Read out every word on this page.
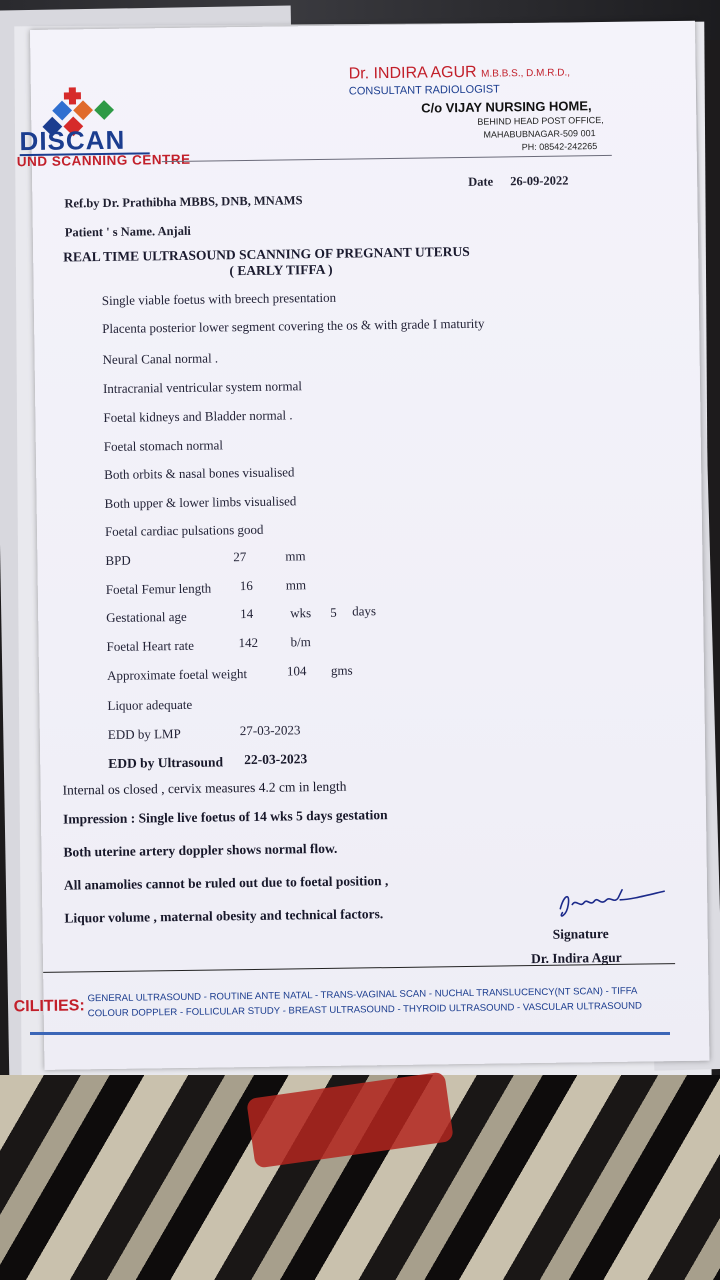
DISCAN
UND SCANNING CENTRE
Dr. INDIRA AGUR M.B.B.S., D.M.R.D.,
CONSULTANT RADIOLOGIST
C/o VIJAY NURSING HOME,
BEHIND HEAD POST OFFICE,
MAHABUBNAGAR-509 001
PH: 08542-242265
Ref.by Dr. Prathibha MBBS, DNB, MNAMS
Date 26-09-2022
Patient ' s Name. Anjali
REAL TIME ULTRASOUND SCANNING OF PREGNANT UTERUS
( EARLY TIFFA )
Single viable foetus with breech presentation
Placenta posterior lower segment covering the os & with grade I maturity
Neural Canal normal .
Intracranial ventricular system normal
Foetal kidneys and Bladder normal .
Foetal stomach normal
Both orbits & nasal bones visualised
Both upper & lower limbs visualised
Foetal cardiac pulsations good
BPD	27	mm
Foetal Femur length 16	mm
Gestational age	14	wks 5 days
Foetal Heart rate	142 b/m
Approximate foetal weight	104 gms
Liquor adequate
EDD by LMP	27-03-2023
EDD by Ultrasound 22-03-2023
Internal os closed , cervix measures 4.2 cm in length
Impression : Single live foetus of 14 wks 5 days gestation
Both uterine artery doppler shows normal flow.
All anamolies cannot be ruled out due to foetal position ,
Liquor volume , maternal obesity and technical factors.
Signature
Dr. Indira Agur
CILITIES:
GENERAL ULTRASOUND - ROUTINE ANTE NATAL - TRANS-VAGINAL SCAN - NUCHAL TRANSLUCENCY(NT SCAN) - TIFFA
COLOUR DOPPLER - FOLLICULAR STUDY - BREAST ULTRASOUND - THYROID ULTRASOUND - VASCULAR ULTRASOUND
